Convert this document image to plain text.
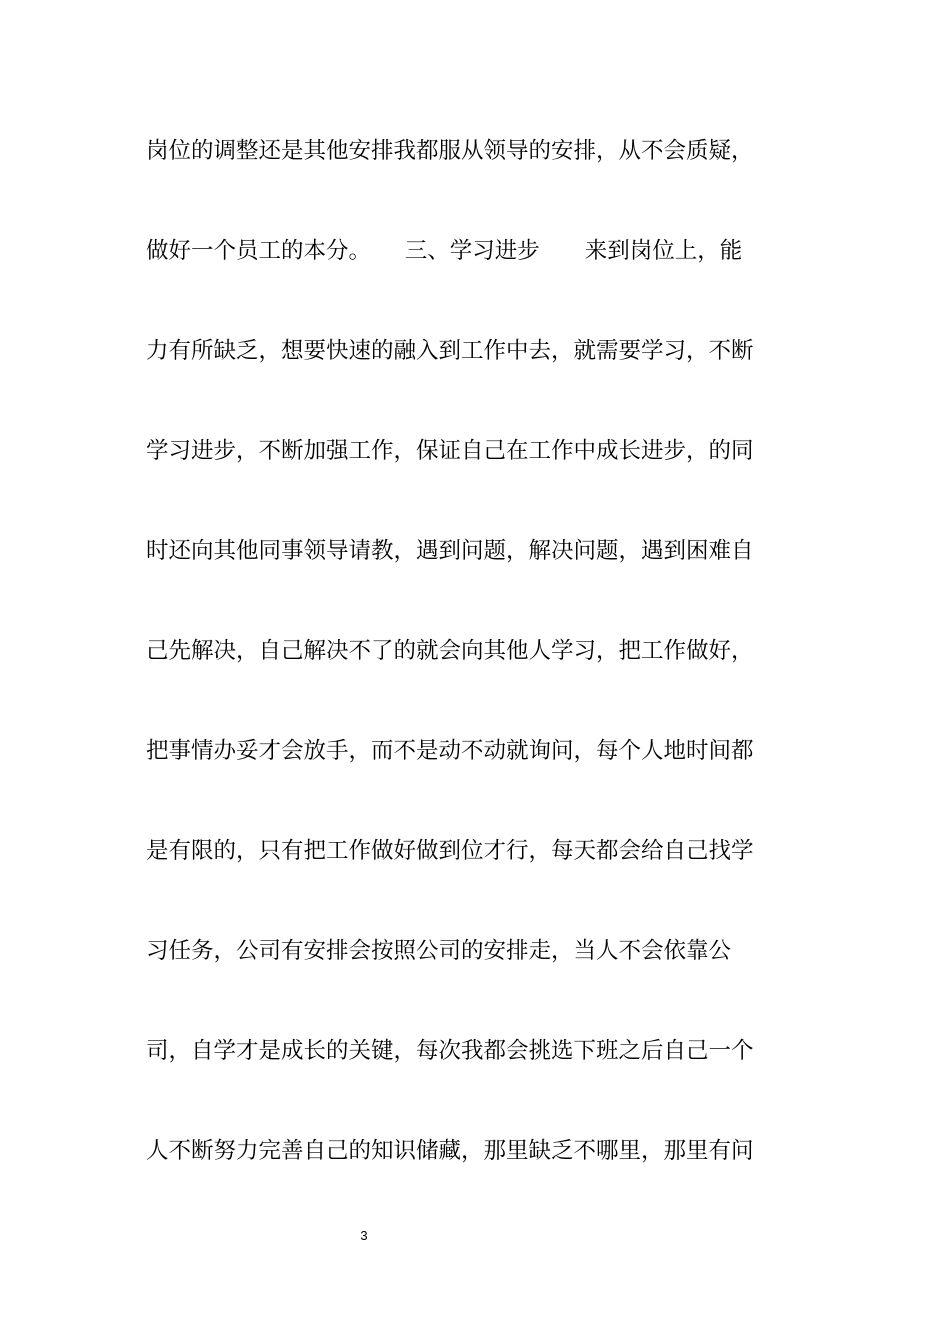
岗位的调整还是其他安排我都服从领导的安排，从不会质疑，
做好一个员工的本分。　　三、学习进步　　来到岗位上，能
力有所缺乏，想要快速的融入到工作中去，就需要学习，不断
学习进步，不断加强工作，保证自己在工作中成长进步，的同
时还向其他同事领导请教，遇到问题，解决问题，遇到困难自
己先解决，自己解决不了的就会向其他人学习，把工作做好，
把事情办妥才会放手，而不是动不动就询问，每个人地时间都
是有限的，只有把工作做好做到位才行，每天都会给自己找学
习任务，公司有安排会按照公司的安排走，当人不会依靠公
司，自学才是成长的关键，每次我都会挑选下班之后自己一个
人不断努力完善自己的知识储藏，那里缺乏不哪里，那里有问
3
